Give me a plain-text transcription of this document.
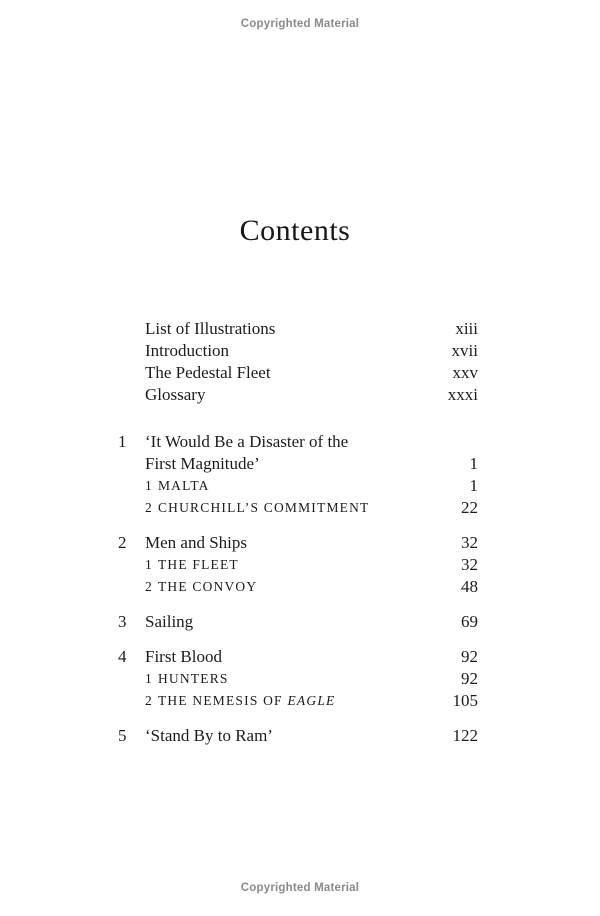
Copyrighted Material
Contents
List of Illustrations	xiii
Introduction	xvii
The Pedestal Fleet	xxv
Glossary	xxxi
1	‘It Would Be a Disaster of the
First Magnitude’	1
1 MALTA	1
2 CHURCHILL’S COMMITMENT	22
2	Men and Ships	32
1 THE FLEET	32
2 THE CONVOY	48
3	Sailing	69
4	First Blood	92
1 HUNTERS	92
2 THE NEMESIS OF EAGLE	105
5	‘Stand By to Ram’	122
Copyrighted Material
